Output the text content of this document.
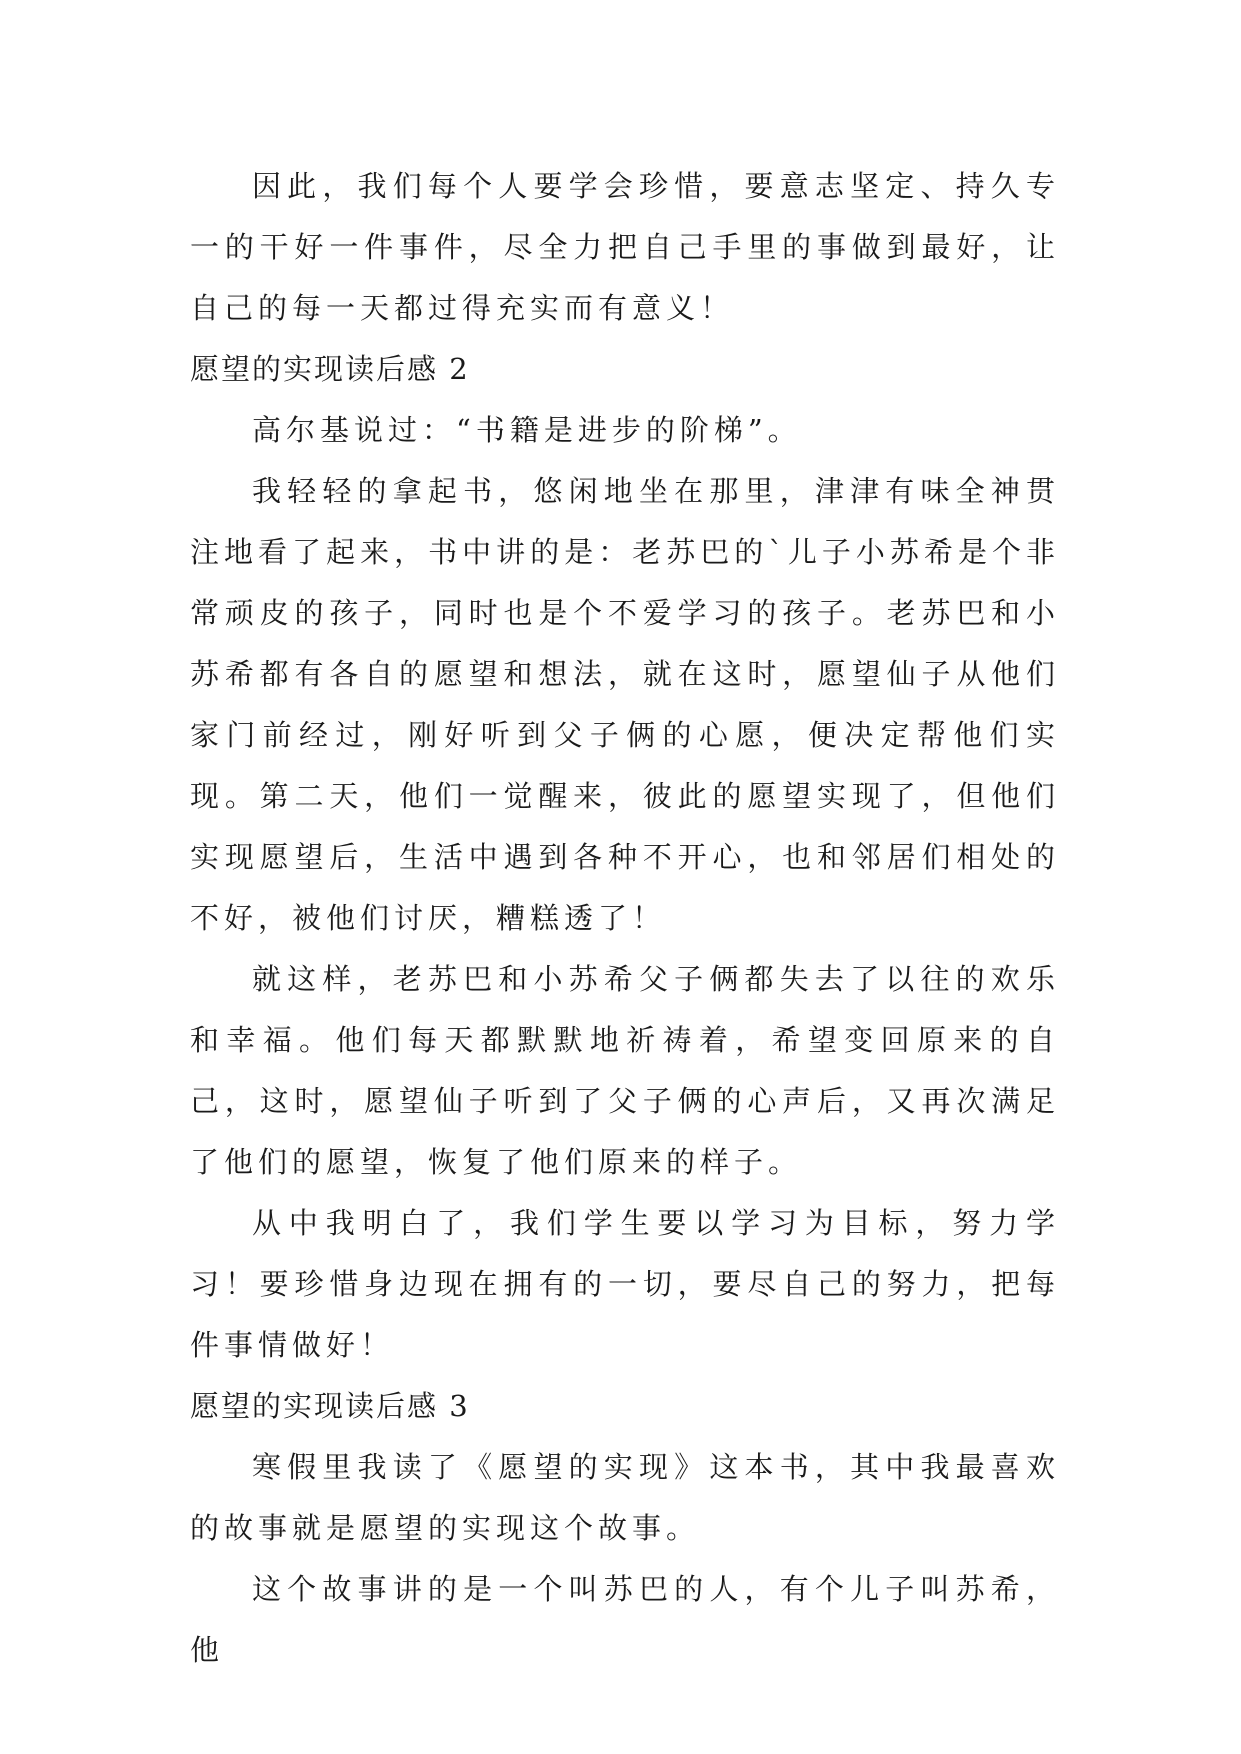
因此，我们每个人要学会珍惜，要意志坚定、持久专一的干好一件事件，尽全力把自己手里的事做到最好，让自己的每一天都过得充实而有意义！

愿望的实现读后感 2

高尔基说过：“书籍是进步的阶梯”。

我轻轻的拿起书，悠闲地坐在那里，津津有味全神贯注地看了起来，书中讲的是：老苏巴的`儿子小苏希是个非常顽皮的孩子，同时也是个不爱学习的孩子。老苏巴和小苏希都有各自的愿望和想法，就在这时，愿望仙子从他们家门前经过，刚好听到父子俩的心愿，便决定帮他们实现。第二天，他们一觉醒来，彼此的愿望实现了，但他们实现愿望后，生活中遇到各种不开心，也和邻居们相处的不好，被他们讨厌，糟糕透了！

就这样，老苏巴和小苏希父子俩都失去了以往的欢乐和幸福。他们每天都默默地祈祷着，希望变回原来的自己，这时，愿望仙子听到了父子俩的心声后，又再次满足了他们的愿望，恢复了他们原来的样子。

从中我明白了，我们学生要以学习为目标，努力学习！要珍惜身边现在拥有的一切，要尽自己的努力，把每件事情做好！

愿望的实现读后感 3

寒假里我读了《愿望的实现》这本书，其中我最喜欢的故事就是愿望的实现这个故事。

这个故事讲的是一个叫苏巴的人，有个儿子叫苏希，他
